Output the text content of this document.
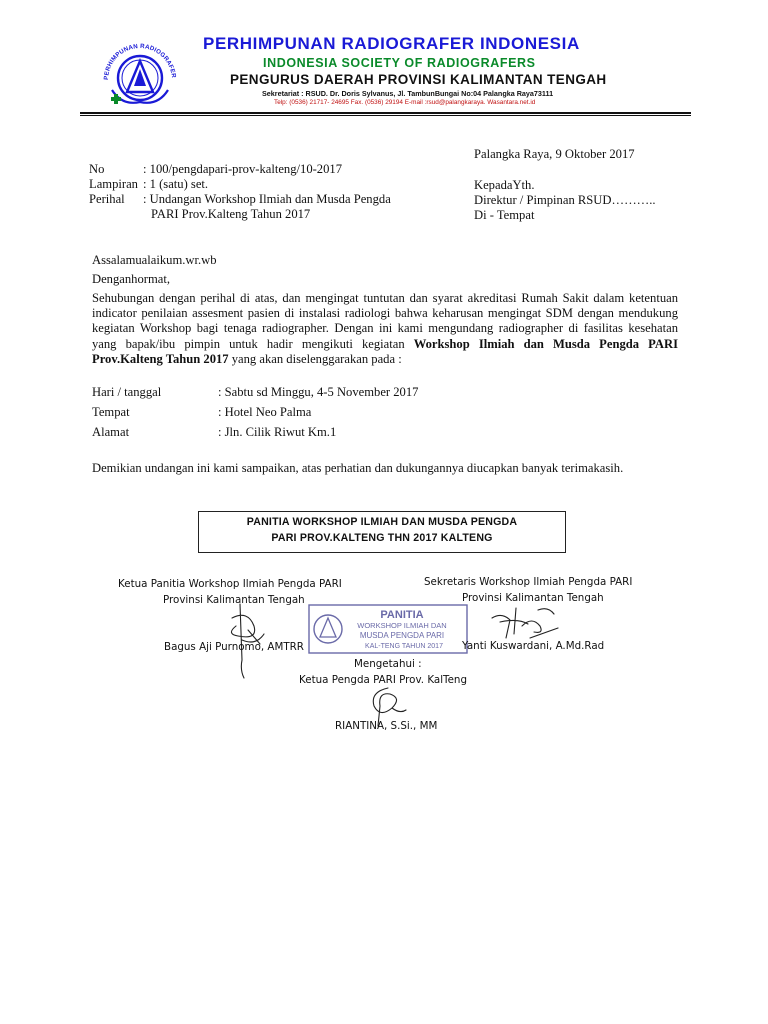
PERHIMPUNAN RADIOGRAFER
PERHIMPUNAN RADIOGRAFER INDONESIA
INDONESIA SOCIETY OF RADIOGRAFERS
PENGURUS DAERAH PROVINSI KALIMANTAN TENGAH
Sekretariat : RSUD. Dr. Doris Sylvanus, Jl. TambunBungai No:04 Palangka Raya73111
Telp: (0536) 21717- 24695 Fax. (0536) 29194 E-mail :rsud@palangkaraya. Wasantara.net.id
Palangka Raya, 9 Oktober 2017
No	: 100/pengdapari-prov-kalteng/10-2017
Lampiran : 1 (satu) set.
Perihal : Undangan Workshop Ilmiah dan Musda Pengda
PARI Prov.Kalteng Tahun 2017
KepadaYth.
Direktur / Pimpinan RSUD………..
Di - Tempat
Assalamualaikum.wr.wb
Denganhormat,
Sehubungan dengan perihal di atas, dan mengingat tuntutan dan syarat akreditasi Rumah Sakit dalam ketentuan indicator penilaian assesment pasien di instalasi radiologi bahwa keharusan mengingat SDM dengan mendukung kegiatan Workshop bagi tenaga radiographer. Dengan ini kami mengundang radiographer di fasilitas kesehatan yang bapak/ibu pimpin untuk hadir mengikuti kegiatan Workshop Ilmiah dan Musda Pengda PARI Prov.Kalteng Tahun 2017 yang akan diselenggarakan pada :
Hari / tanggal	: Sabtu sd Minggu, 4-5 November 2017
Tempat	: Hotel Neo Palma
Alamat	: Jln. Cilik Riwut Km.1
Demikian undangan ini kami sampaikan, atas perhatian dan dukungannya diucapkan banyak terimakasih.
PANITIA WORKSHOP ILMIAH DAN MUSDA PENGDA
PARI PROV.KALTENG THN 2017 KALTENG
Ketua Panitia Workshop Ilmiah Pengda PARI
Provinsi Kalimantan Tengah
Sekretaris Workshop Ilmiah Pengda PARI
Provinsi Kalimantan Tengah
PANITIA
WORKSHOP ILMIAH DAN
MUSDA PENGDA PARI
KAL-TENG TAHUN 2017
Bagus Aji Purnomo, AMTRR	Yanti Kuswardani, A.Md.Rad
Mengetahui :
Ketua Pengda PARI Prov. KalTeng
RIANTINA, S.Si., MM
